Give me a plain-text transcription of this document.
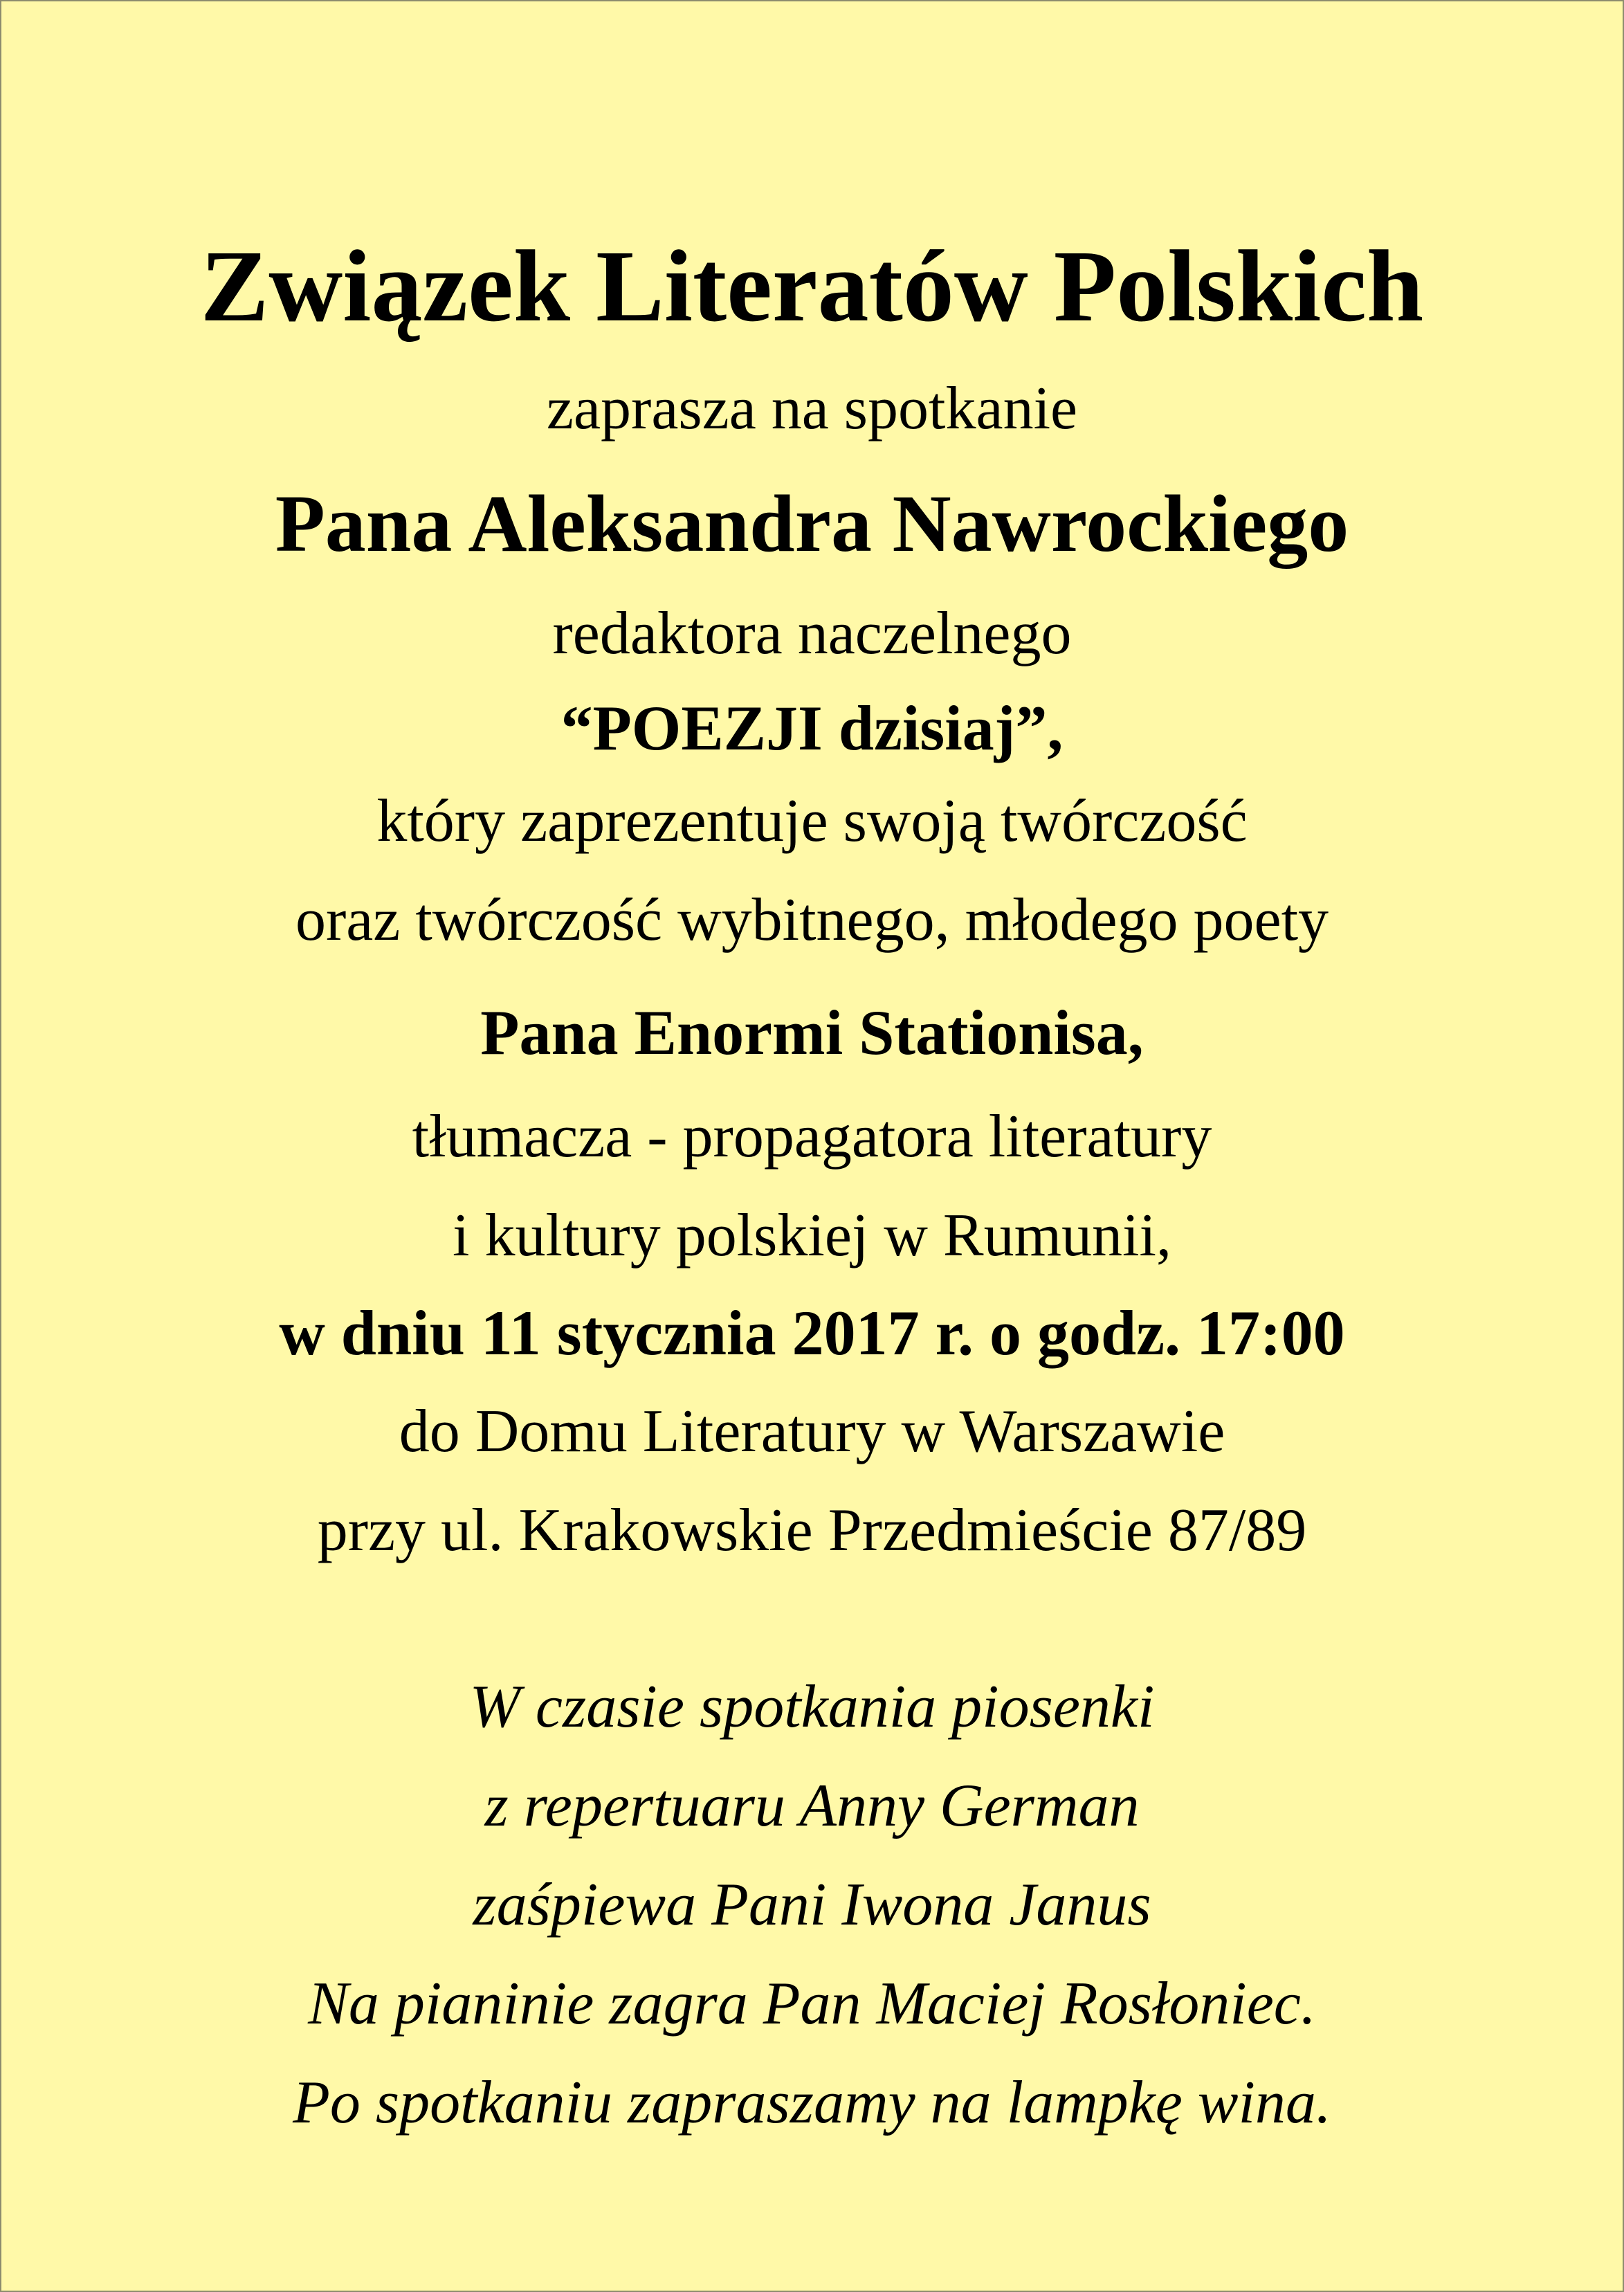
Związek Literatów Polskich
zaprasza na spotkanie
Pana Aleksandra Nawrockiego
redaktora naczelnego
“POEZJI dzisiaj”,
który zaprezentuje swoją twórczość
oraz twórczość wybitnego, młodego poety
Pana Enormi Stationisa,
tłumacza - propagatora literatury
i kultury polskiej w Rumunii,
w dniu 11 stycznia 2017 r. o godz. 17:00
do Domu Literatury w Warszawie
przy ul. Krakowskie Przedmieście 87/89
W czasie spotkania piosenki
z repertuaru Anny German
zaśpiewa Pani Iwona Janus
Na pianinie zagra Pan Maciej Rosłoniec.
Po spotkaniu zapraszamy na lampkę wina.
